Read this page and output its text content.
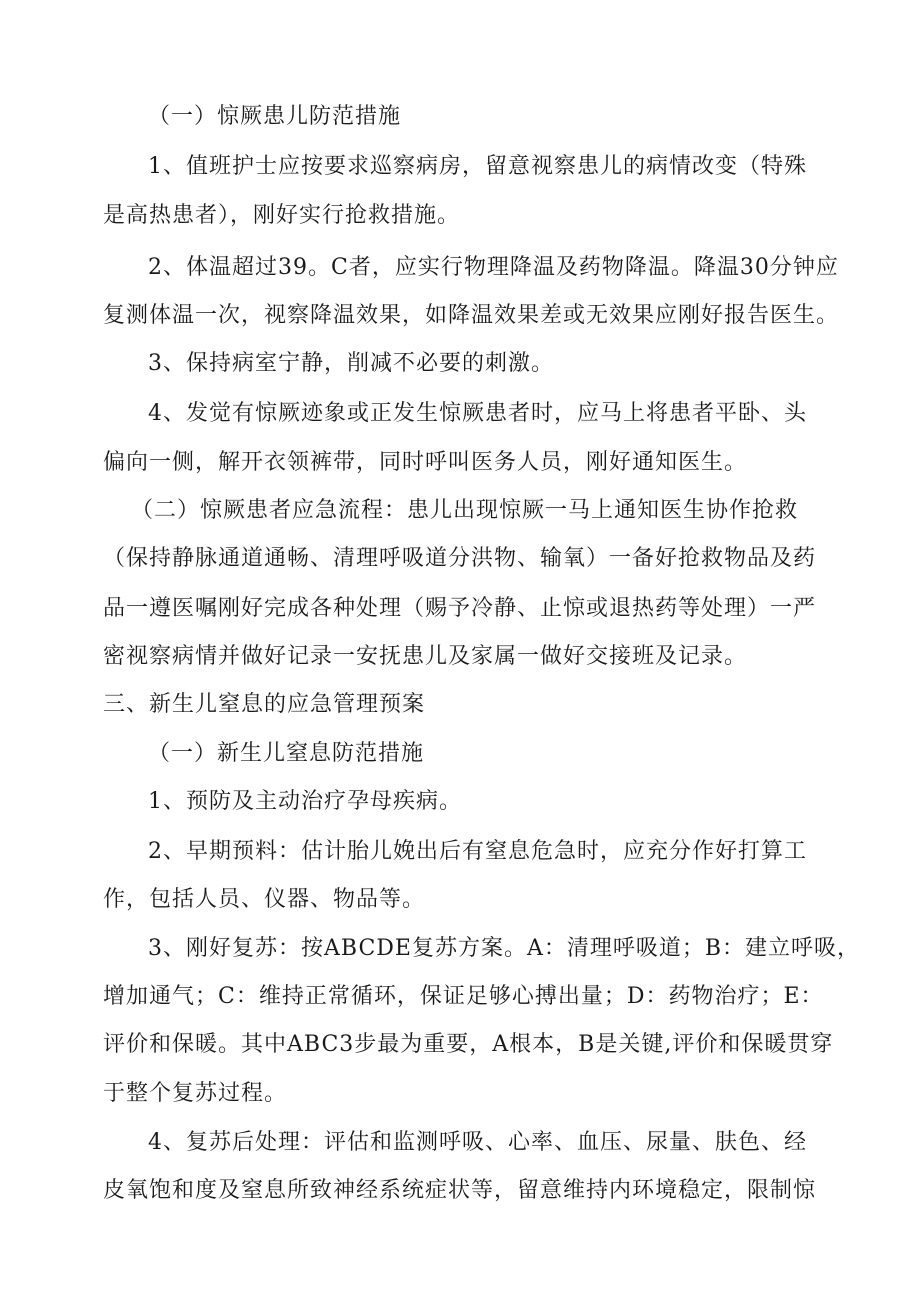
（一）惊厥患儿防范措施

1、值班护士应按要求巡察病房，留意视察患儿的病情改变（特殊

是高热患者），刚好实行抢救措施。

2、体温超过39。C者，应实行物理降温及药物降温。降温30分钟应

复测体温一次，视察降温效果，如降温效果差或无效果应刚好报告医生。

3、保持病室宁静，削减不必要的刺激。

4、发觉有惊厥迹象或正发生惊厥患者时，应马上将患者平卧、头

偏向一侧，解开衣领裤带，同时呼叫医务人员，刚好通知医生。

（二）惊厥患者应急流程：患儿出现惊厥一马上通知医生协作抢救

（保持静脉通道通畅、清理呼吸道分洪物、输氧）一备好抢救物品及药

品一遵医嘱刚好完成各种处理（赐予冷静、止惊或退热药等处理）一严

密视察病情并做好记录一安抚患儿及家属一做好交接班及记录。

三、新生儿窒息的应急管理预案

（一）新生儿窒息防范措施

1、预防及主动治疗孕母疾病。

2、早期预料：估计胎儿娩出后有窒息危急时，应充分作好打算工

作，包括人员、仪器、物品等。

3、刚好复苏：按ABCDE复苏方案。A：清理呼吸道；B：建立呼吸，

增加通气；C：维持正常循环，保证足够心搏出量；D：药物治疗；E：

评价和保暖。其中ABC3步最为重要，A根本，B是关键,评价和保暖贯穿

于整个复苏过程。

4、复苏后处理：评估和监测呼吸、心率、血压、尿量、肤色、经

皮氧饱和度及窒息所致神经系统症状等，留意维持内环境稳定，限制惊
